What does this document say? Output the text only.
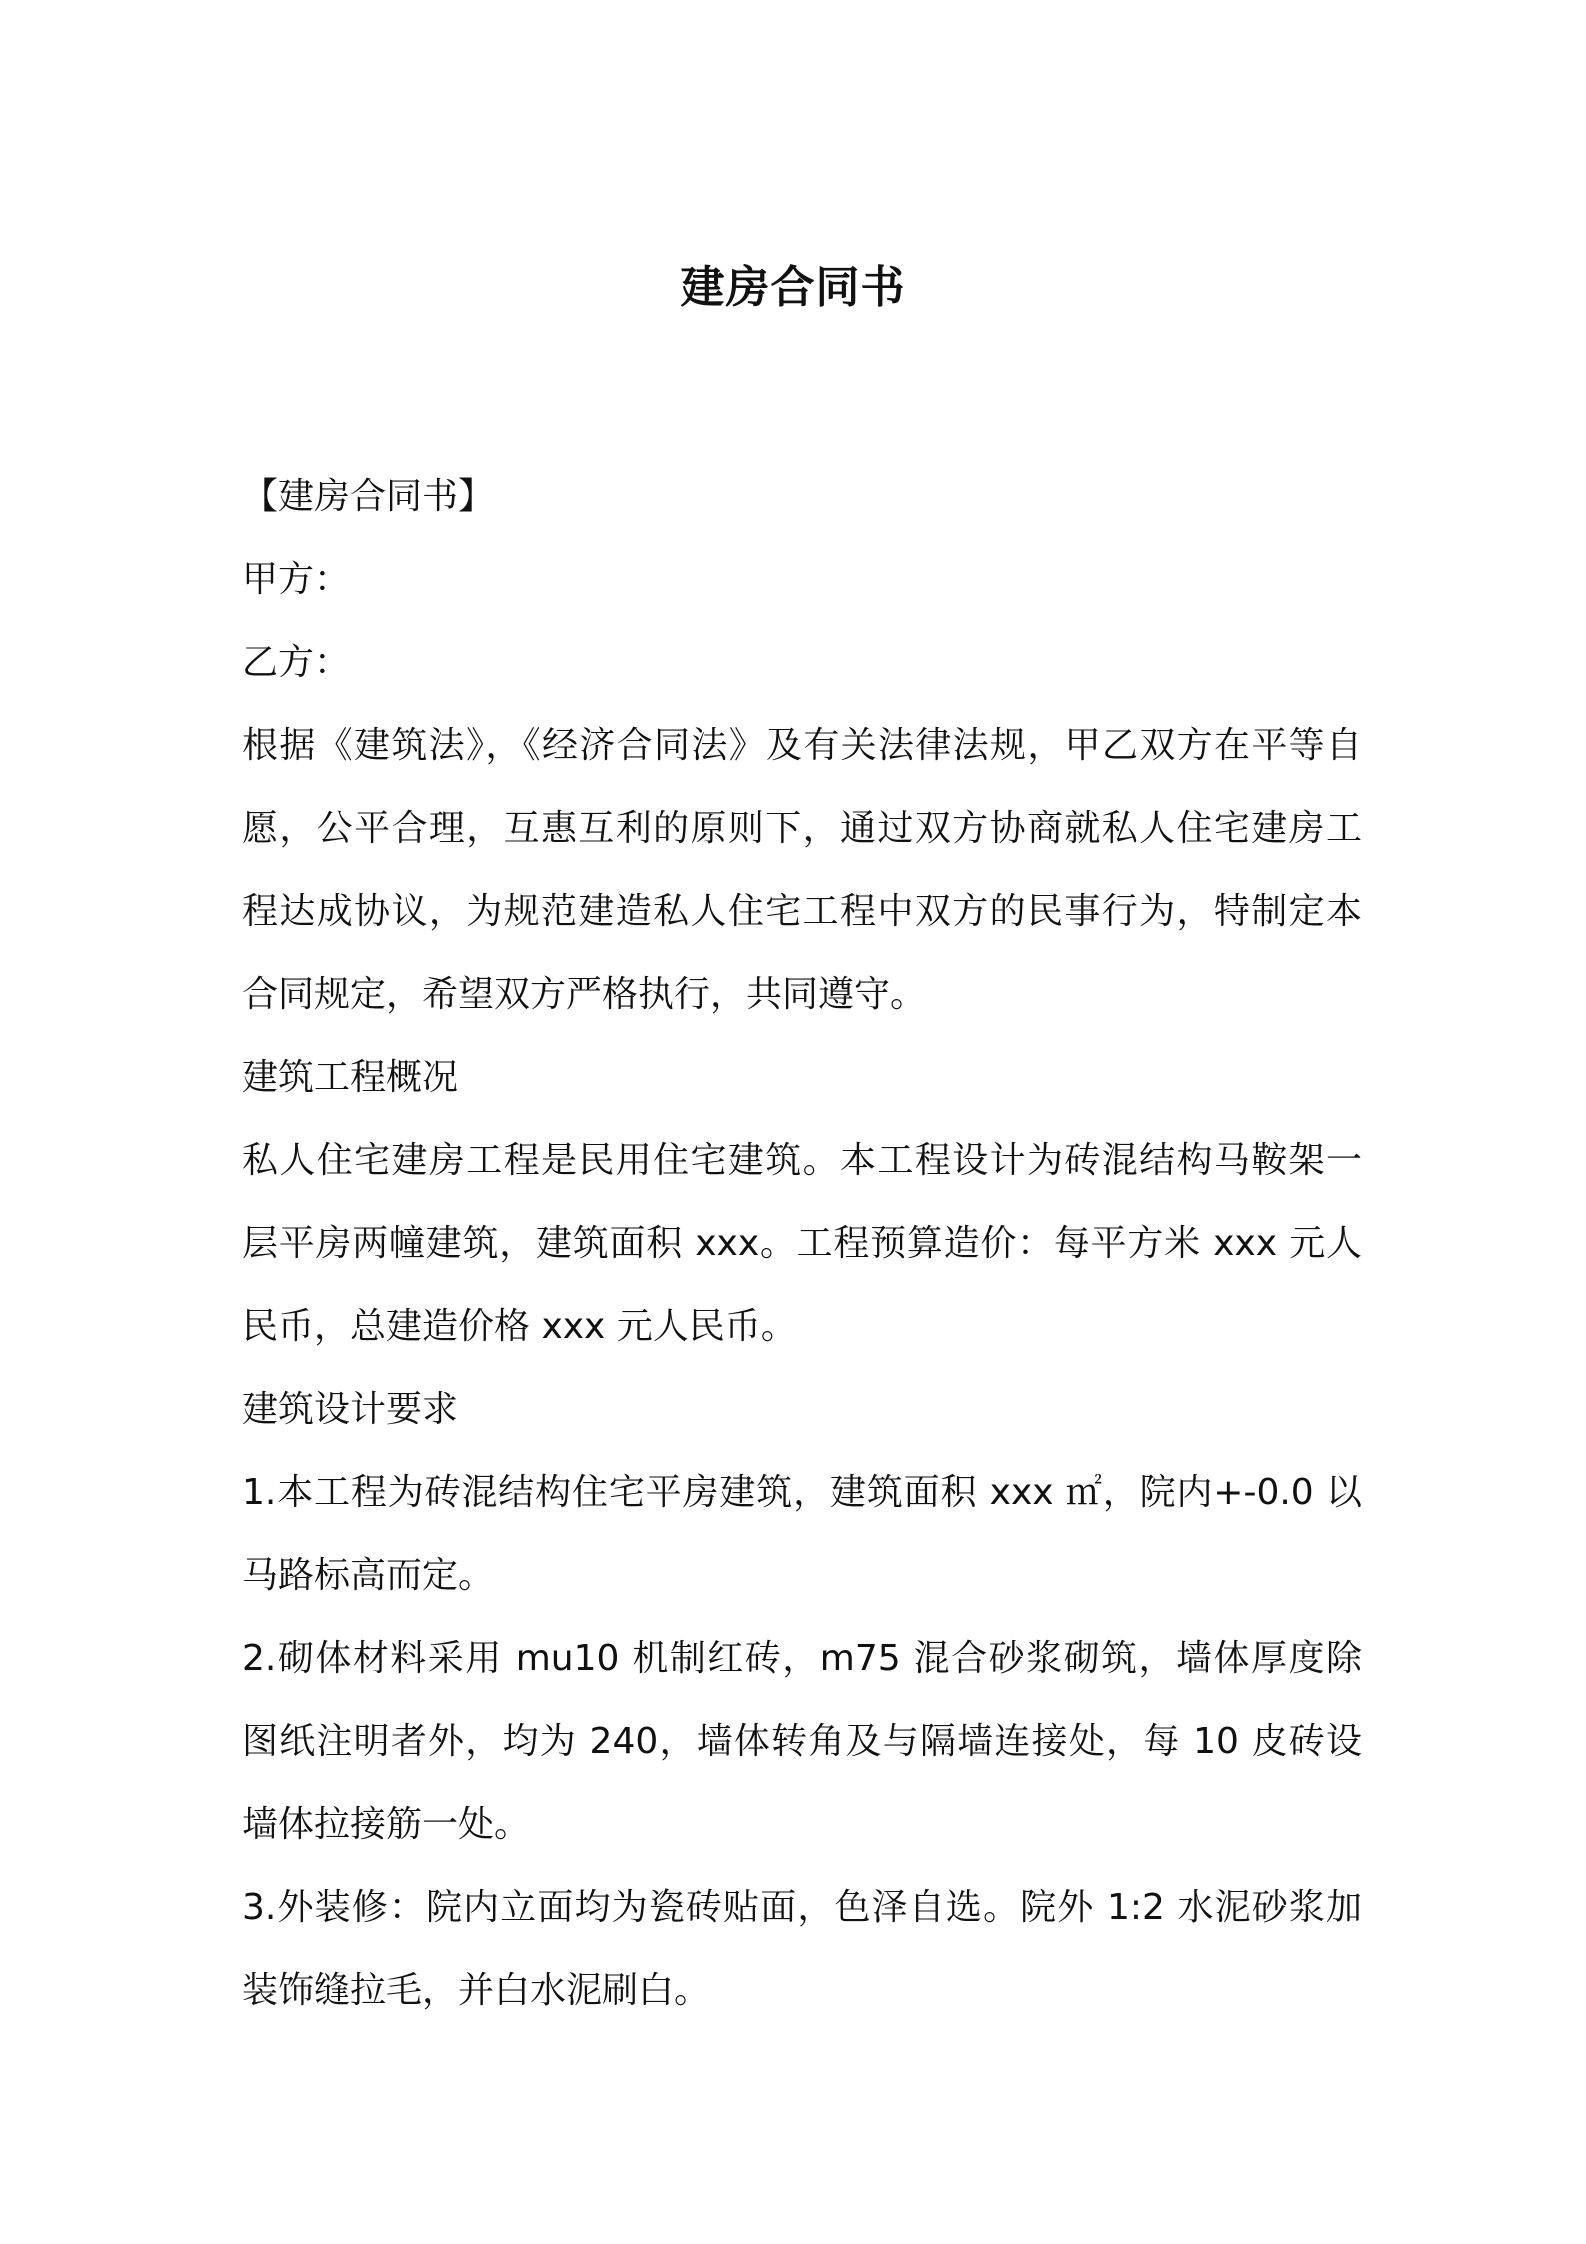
建房合同书
【建房合同书】
甲方：
乙方：
根据《建筑法》，《经济合同法》及有关法律法规，甲乙双方在平等自
愿，公平合理，互惠互利的原则下，通过双方协商就私人住宅建房工
程达成协议，为规范建造私人住宅工程中双方的民事行为，特制定本
合同规定，希望双方严格执行，共同遵守。
建筑工程概况
私人住宅建房工程是民用住宅建筑。本工程设计为砖混结构马鞍架一
层平房两幢建筑，建筑面积 xxx。工程预算造价：每平方米 xxx 元人
民币，总建造价格 xxx 元人民币。
建筑设计要求
1.本工程为砖混结构住宅平房建筑，建筑面积 xxx ㎡，院内+-0.0 以
马路标高而定。
2.砌体材料采用 mu10 机制红砖，m75 混合砂浆砌筑，墙体厚度除
图纸注明者外，均为 240，墙体转角及与隔墙连接处，每 10 皮砖设
墙体拉接筋一处。
3.外装修：院内立面均为瓷砖贴面，色泽自选。院外 1:2 水泥砂浆加
装饰缝拉毛，并白水泥刷白。
